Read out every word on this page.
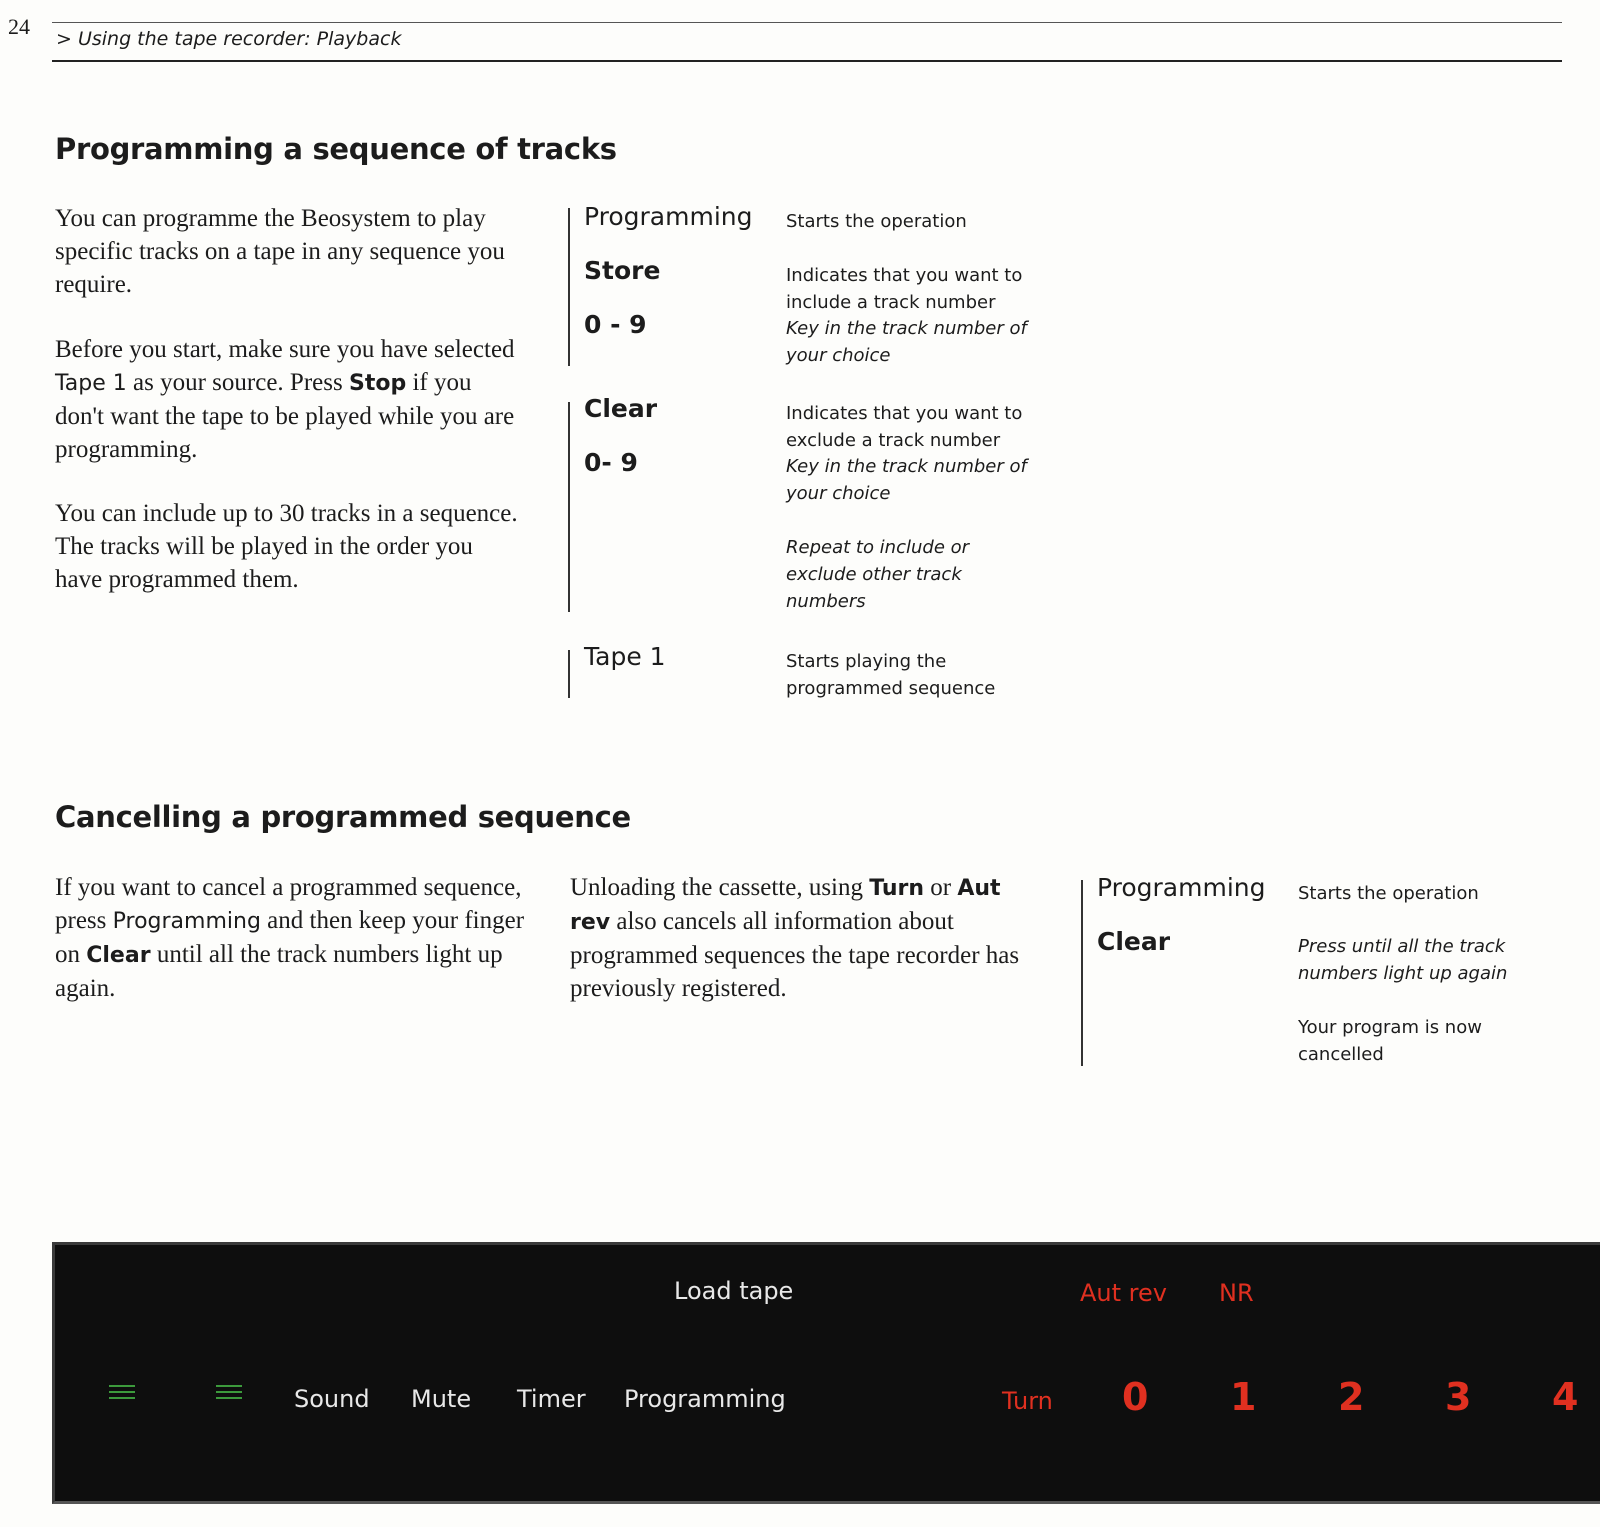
24 > Using the tape recorder: Playback
Programming a sequence of tracks

You can programme the Beosystem to play specific tracks on a tape in any sequence you require.

Before you start, make sure you have selected Tape 1 as your source. Press Stop if you don't want the tape to be played while you are programming.

You can include up to 30 tracks in a sequence. The tracks will be played in the order you have programmed them.

Programming Starts the operation

Store	Indicates that you want to include a track number

0 - 9	Key in the track number of your choice

Clear	Indicates that you want to exclude a track number

0- 9	Key in the track number of your choice

Repeat to include or exclude other track numbers

Tape 1	Starts playing the programmed sequence

Cancelling a programmed sequence

If you want to cancel a programmed sequence, press Programming and then keep your finger on Clear until all the track numbers light up again.

Unloading the cassette, using Turn or Aut rev also cancels all information about programmed sequences the tape recorder has previously registered.

Programming Starts the operation

Clear	Press until all the track numbers light up again

Your program is now cancelled

Load tape	Aut rev NR
Sound Mute Timer Programming	Turn 0 1 2 3 4
